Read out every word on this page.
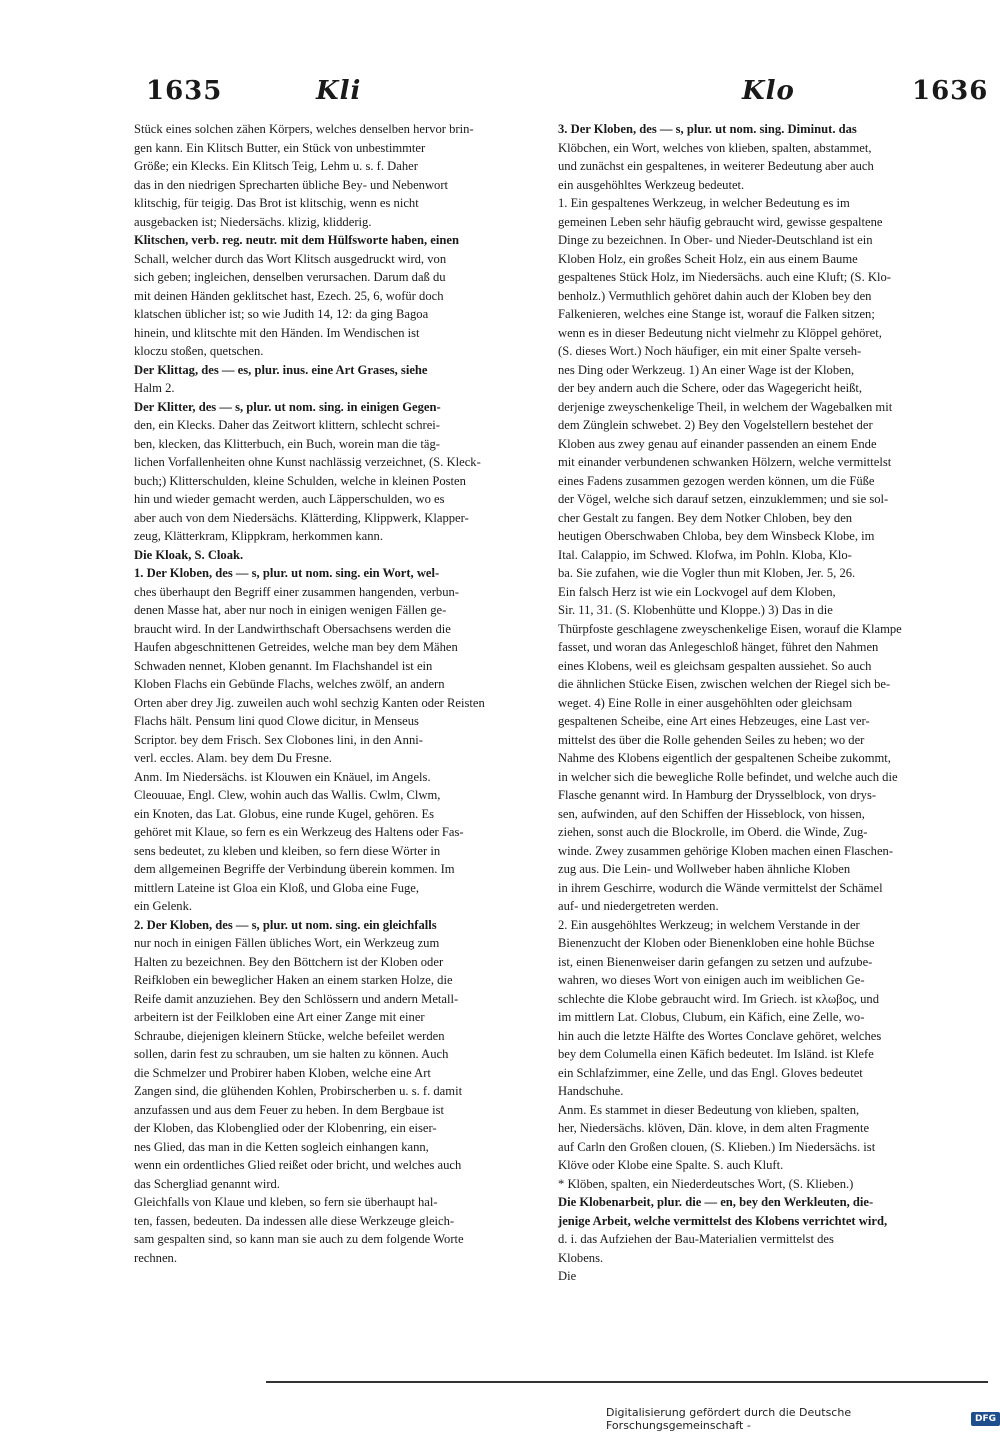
1635	Kli	Klo	1636
Stück eines solchen zähen Körpers, welches denselben hervor brin-
gen kann. Ein Klitsch Butter, ein Stück von unbestimmter
Größe; ein Klecks. Ein Klitsch Teig, Lehm u. s. f. Daher
das in den niedrigen Sprecharten übliche Bey- und Nebenwort
klitschig, für teigig. Das Brot ist klitschig, wenn es nicht
ausgebacken ist; Niedersächs. klizig, klidderig.
Klitschen, verb. reg. neutr. mit dem Hülfsworte haben, einen
Schall, welcher durch das Wort Klitsch ausgedruckt wird, von
sich geben; ingleichen, denselben verursachen. Darum daß du
mit deinen Händen geklitschet hast, Ezech. 25, 6, wofür doch
klatschen üblicher ist; so wie Judith 14, 12: da ging Bagoa
hinein, und klitschte mit den Händen. Im Wendischen ist
kloczu stoßen, quetschen.
Der Klittag, des — es, plur. inus. eine Art Grases, siehe
Halm 2.
Der Klitter, des — s, plur. ut nom. sing. in einigen Gegen-
den, ein Klecks. Daher das Zeitwort klittern, schlecht schrei-
ben, klecken, das Klitterbuch, ein Buch, worein man die täg-
lichen Vorfallenheiten ohne Kunst nachlässig verzeichnet, (S. Kleck-
buch;) Klitterschulden, kleine Schulden, welche in kleinen Posten
hin und wieder gemacht werden, auch Läpperschulden, wo es
aber auch von dem Niedersächs. Klätterding, Klippwerk, Klapper-
zeug, Klätterkram, Klippkram, herkommen kann.
Die Kloak, S. Cloak.
1. Der Kloben, des — s, plur. ut nom. sing. ein Wort, wel-
ches überhaupt den Begriff einer zusammen hangenden, verbun-
denen Masse hat, aber nur noch in einigen wenigen Fällen ge-
braucht wird. In der Landwirthschaft Obersachsens werden die
Haufen abgeschnittenen Getreides, welche man bey dem Mähen
Schwaden nennet, Kloben genannt. Im Flachshandel ist ein
Kloben Flachs ein Gebünde Flachs, welches zwölf, an andern
Orten aber drey Jig. zuweilen auch wohl sechzig Kanten oder Reisten
Flachs hält. Pensum lini quod Clowe dicitur, in Menseus
Scriptor. bey dem Frisch. Sex Clobones lini, in den Anni-
verl. eccles. Alam. bey dem Du Fresne.
Anm. Im Niedersächs. ist Klouwen ein Knäuel, im Angels.
Cleouuae, Engl. Clew, wohin auch das Wallis. Cwlm, Clwm,
ein Knoten, das Lat. Globus, eine runde Kugel, gehören. Es
gehöret mit Klaue, so fern es ein Werkzeug des Haltens oder Fas-
sens bedeutet, zu kleben und kleiben, so fern diese Wörter in
dem allgemeinen Begriffe der Verbindung überein kommen. Im
mittlern Lateine ist Gloa ein Kloß, und Globa eine Fuge,
ein Gelenk.
2. Der Kloben, des — s, plur. ut nom. sing. ein gleichfalls
nur noch in einigen Fällen übliches Wort, ein Werkzeug zum
Halten zu bezeichnen. Bey den Böttchern ist der Kloben oder
Reifkloben ein beweglicher Haken an einem starken Holze, die
Reife damit anzuziehen. Bey den Schlössern und andern Metall-
arbeitern ist der Feilkloben eine Art einer Zange mit einer
Schraube, diejenigen kleinern Stücke, welche befeilet werden
sollen, darin fest zu schrauben, um sie halten zu können. Auch
die Schmelzer und Probirer haben Kloben, welche eine Art
Zangen sind, die glühenden Kohlen, Probirscherben u. s. f. damit
anzufassen und aus dem Feuer zu heben. In dem Bergbaue ist
der Kloben, das Klobenglied oder der Klobenring, ein eiser-
nes Glied, das man in die Ketten sogleich einhangen kann,
wenn ein ordentliches Glied reißet oder bricht, und welches auch
das Schergliad genannt wird.
Gleichfalls von Klaue und kleben, so fern sie überhaupt hal-
ten, fassen, bedeuten. Da indessen alle diese Werkzeuge gleich-
sam gespalten sind, so kann man sie auch zu dem folgende Worte
rechnen.
3. Der Kloben, des — s, plur. ut nom. sing. Diminut. das
Klöbchen, ein Wort, welches von klieben, spalten, abstammet,
und zunächst ein gespaltenes, in weiterer Bedeutung aber auch
ein ausgehöhltes Werkzeug bedeutet.
1. Ein gespaltenes Werkzeug, in welcher Bedeutung es im
gemeinen Leben sehr häufig gebraucht wird, gewisse gespaltene
Dinge zu bezeichnen. In Ober- und Nieder-Deutschland ist ein
Kloben Holz, ein großes Scheit Holz, ein aus einem Baume
gespaltenes Stück Holz, im Niedersächs. auch eine Kluft; (S. Klo-
benholz.) Vermuthlich gehöret dahin auch der Kloben bey den
Falkenieren, welches eine Stange ist, worauf die Falken sitzen;
wenn es in dieser Bedeutung nicht vielmehr zu Klöppel gehöret,
(S. dieses Wort.) Noch häufiger, ein mit einer Spalte verseh-
nes Ding oder Werkzeug. 1) An einer Wage ist der Kloben,
der bey andern auch die Schere, oder das Wagegericht heißt,
derjenige zweyschenkelige Theil, in welchem der Wagebalken mit
dem Zünglein schwebet. 2) Bey den Vogelstellern bestehet der
Kloben aus zwey genau auf einander passenden an einem Ende
mit einander verbundenen schwanken Hölzern, welche vermittelst
eines Fadens zusammen gezogen werden können, um die Füße
der Vögel, welche sich darauf setzen, einzuklemmen; und sie sol-
cher Gestalt zu fangen. Bey dem Notker Chloben, bey den
heutigen Oberschwaben Chloba, bey dem Winsbeck Klobe, im
Ital. Calappio, im Schwed. Klofwa, im Pohln. Kloba, Klo-
ba. Sie zufahen, wie die Vogler thun mit Kloben, Jer. 5, 26.
Ein falsch Herz ist wie ein Lockvogel auf dem Kloben,
Sir. 11, 31. (S. Klobenhütte und Kloppe.) 3) Das in die
Thürpfoste geschlagene zweyschenkelige Eisen, worauf die Klampe
fasset, und woran das Anlegeschloß hänget, führet den Nahmen
eines Klobens, weil es gleichsam gespalten aussiehet. So auch
die ähnlichen Stücke Eisen, zwischen welchen der Riegel sich be-
weget. 4) Eine Rolle in einer ausgehöhlten oder gleichsam
gespaltenen Scheibe, eine Art eines Hebzeuges, eine Last ver-
mittelst des über die Rolle gehenden Seiles zu heben; wo der
Nahme des Klobens eigentlich der gespaltenen Scheibe zukommt,
in welcher sich die bewegliche Rolle befindet, und welche auch die
Flasche genannt wird. In Hamburg der Drysselblock, von drys-
sen, aufwinden, auf den Schiffen der Hisseblock, von hissen,
ziehen, sonst auch die Blockrolle, im Oberd. die Winde, Zug-
winde. Zwey zusammen gehörige Kloben machen einen Flaschen-
zug aus. Die Lein- und Wollweber haben ähnliche Kloben
in ihrem Geschirre, wodurch die Wände vermittelst der Schämel
auf- und niedergetreten werden.
2. Ein ausgehöhltes Werkzeug; in welchem Verstande in der
Bienenzucht der Kloben oder Bienenkloben eine hohle Büchse
ist, einen Bienenweiser darin gefangen zu setzen und aufzube-
wahren, wo dieses Wort von einigen auch im weiblichen Ge-
schlechte die Klobe gebraucht wird. Im Griech. ist κλωβος, und
im mittlern Lat. Clobus, Clubum, ein Käfich, eine Zelle, wo-
hin auch die letzte Hälfte des Wortes Conclave gehöret, welches
bey dem Columella einen Käfich bedeutet. Im Isländ. ist Klefe
ein Schlafzimmer, eine Zelle, und das Engl. Gloves bedeutet
Handschuhe.
Anm. Es stammet in dieser Bedeutung von klieben, spalten,
her, Niedersächs. klöven, Dän. klove, in dem alten Fragmente
auf Carln den Großen clouen, (S. Klieben.) Im Niedersächs. ist
Klöve oder Klobe eine Spalte. S. auch Kluft.
* Klöben, spalten, ein Niederdeutsches Wort, (S. Klieben.)
Die Klobenarbeit, plur. die — en, bey den Werkleuten, die-
jenige Arbeit, welche vermittelst des Klobens verrichtet wird,
d. i. das Aufziehen der Bau-Materialien vermittelst des
Klobens.
Die
Digitalisierung gefördert durch die Deutsche Forschungsgemeinschaft -	DFG
